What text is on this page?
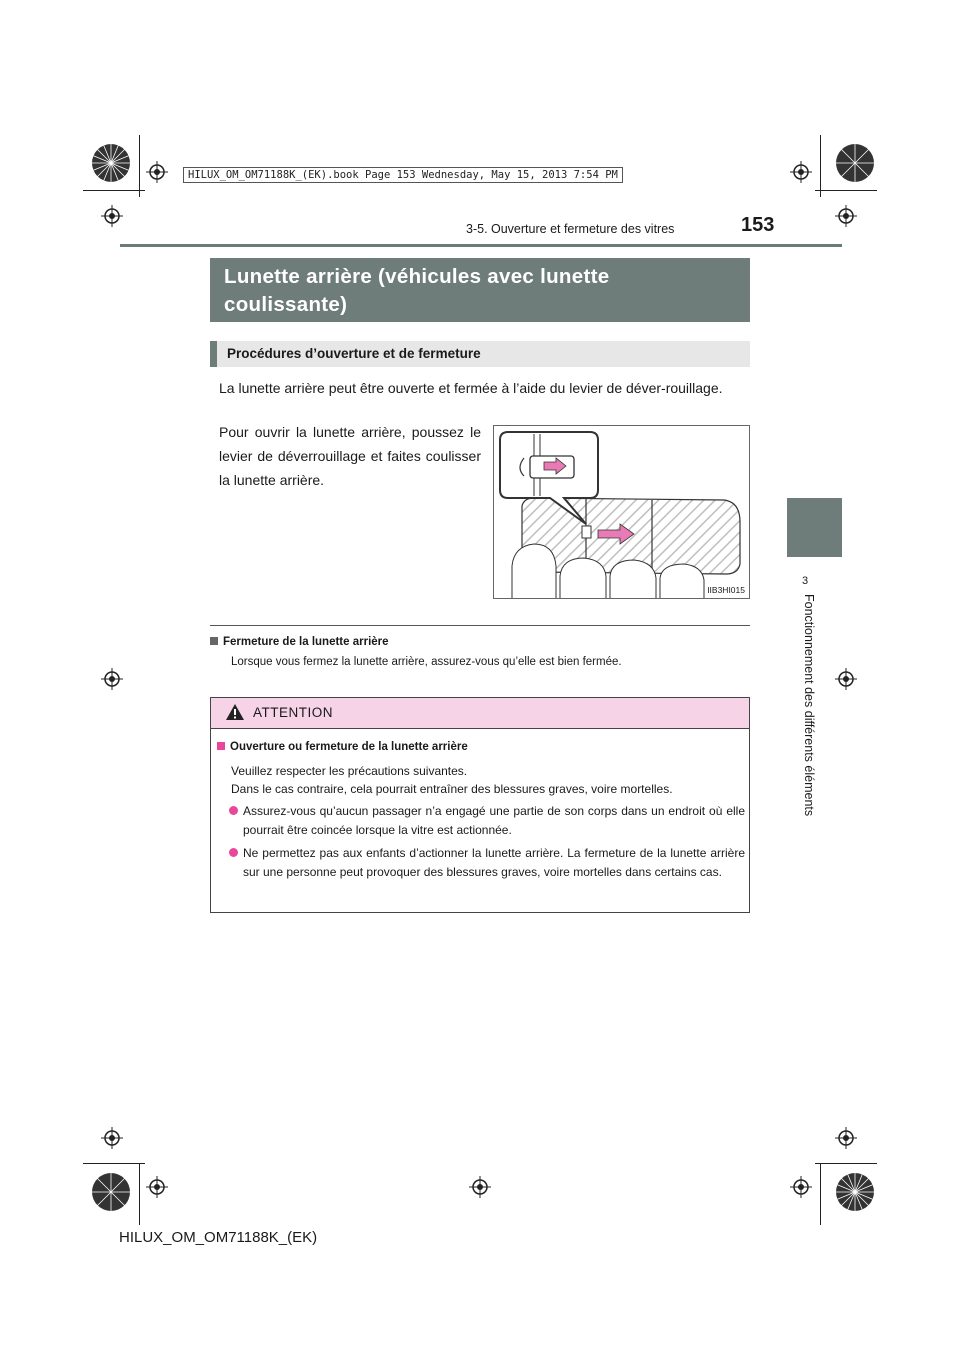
HILUX_OM_OM71188K_(EK).book Page 153 Wednesday, May 15, 2013 7:54 PM
3-5. Ouverture et fermeture des vitres	153
Lunette arrière (véhicules avec lunette
coulissante)
Procédures d’ouverture et de fermeture
La lunette arrière peut être ouverte et fermée à l’aide du levier de déver-rouillage.
Pour ouvrir la lunette arrière, poussez le levier de déverrouillage et faites coulisser la lunette arrière.
IIB3HI015
Fermeture de la lunette arrière
Lorsque vous fermez la lunette arrière, assurez-vous qu’elle est bien fermée.
ATTENTION
Ouverture ou fermeture de la lunette arrière
Veuillez respecter les précautions suivantes.
Dans le cas contraire, cela pourrait entraîner des blessures graves, voire mortelles.
Assurez-vous qu’aucun passager n’a engagé une partie de son corps dans un endroit où elle pourrait être coincée lorsque la vitre est actionnée.
Ne permettez pas aux enfants d’actionner la lunette arrière. La fermeture de la lunette arrière sur une personne peut provoquer des blessures graves, voire mortelles dans certains cas.
3
Fonctionnement des différents éléments
HILUX_OM_OM71188K_(EK)
